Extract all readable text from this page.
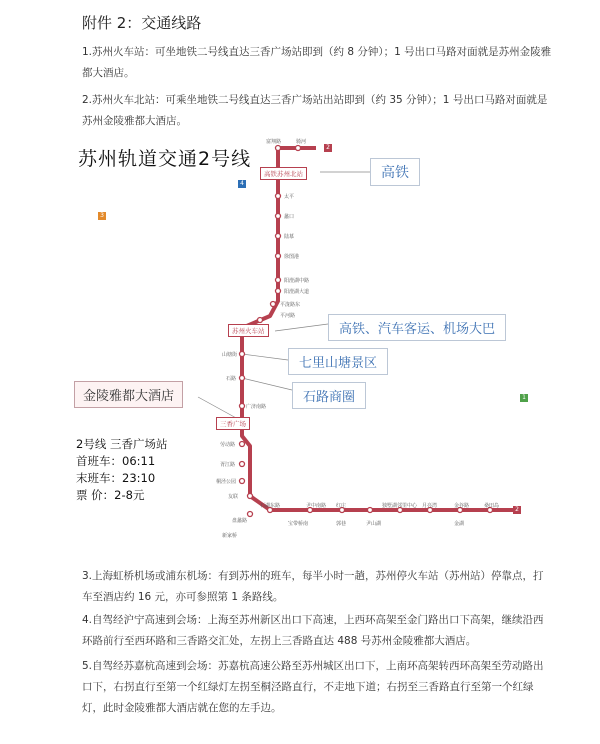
附件 2：交通线路
1.苏州火车站：可坐地铁二号线直达三香广场站即到（约 8 分钟）；1 号出口马路对面就是苏州金陵雅都大酒店。
2.苏州火车北站：可乘坐地铁二号线直达三香广场站出站即到（约 35 分钟）；1 号出口马路对面就是苏州金陵雅都大酒店。
苏州轨道交通2号线
2
4
3
1
2
高铁苏州北站
苏州火车站
三香广场
富翔路	骑河
太平
蠡口
陆慕
徐图港
阳澄湖中路
阳澄湖大道
平泷路东
平河路
山塘街
石路
广济南路
劳动路
胥江路
桐泾公园
友联
盘蠡路
新家桥
石湖东路
宝带桥南
尹中南路
郭巷
红庄
尹山湖
独墅湖邻里中心 月亮湾	金谷路
金湖
桑田岛
高铁
高铁、汽车客运、机场大巴
七里山塘景区
石路商圈
金陵雅都大酒店
2号线 三香广场站
首班车：06:11
末班车：23:10
票 价：2-8元
3.上海虹桥机场或浦东机场：有到苏州的班车，每半小时一趟，苏州停火车站（苏州站）停靠点，打车至酒店约 16 元，亦可参照第 1 条路线。
4.自驾经沪宁高速到会场：上海至苏州新区出口下高速，上西环高架至金门路出口下高架，继续沿西环路前行至西环路和三香路交汇处，左拐上三香路直达 488 号苏州金陵雅都大酒店。
5.自驾经苏嘉杭高速到会场：苏嘉杭高速公路至苏州城区出口下，上南环高架转西环高架至劳动路出口下，右拐直行至第一个红绿灯左拐至桐泾路直行，不走地下道；右拐至三香路直行至第一个红绿灯，此时金陵雅都大酒店就在您的左手边。
